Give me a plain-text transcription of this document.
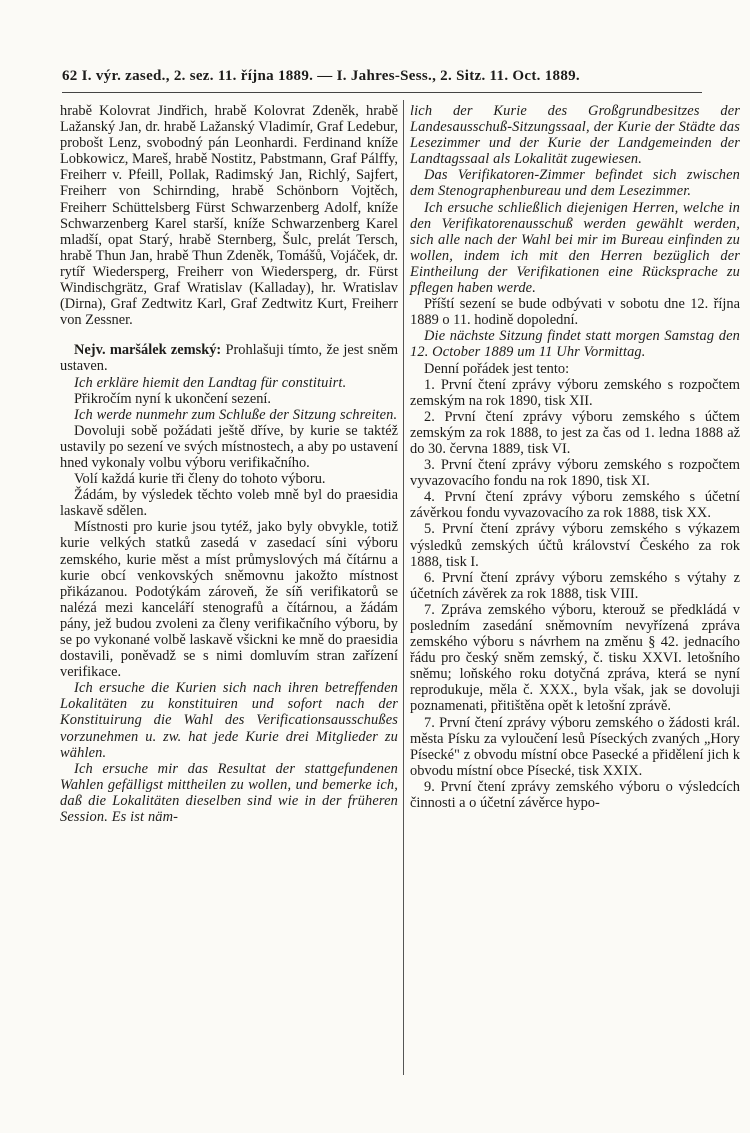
62 I. výr. zased., 2. sez. 11. října 1889. — I. Jahres-Sess., 2. Sitz. 11. Oct. 1889.

hrabě Kolovrat Jindřich, hrabě Kolovrat Zdeněk, hrabě Lažanský Jan, dr. hrabě Lažanský Vladimír, Graf Ledebur, probošt Lenz, svobodný pán Leonhardi. Ferdinand kníže Lobkowicz, Mareš, hrabě Nostitz, Pabstmann, Graf Pálffy, Freiherr v. Pfeill, Pollak, Radimský Jan, Richlý, Sajfert, Freiherr von Schirnding, hrabě Schönborn Vojtěch, Freiherr Schüttelsberg Fürst Schwarzenberg Adolf, kníže Schwarzenberg Karel starší, kníže Schwarzenberg Karel mladší, opat Starý, hrabě Sternberg, Šulc, prelát Tersch, hrabě Thun Jan, hrabě Thun Zdeněk, Tomášů, Vojáček, dr. rytíř Wiedersperg, Freiherr von Wiedersperg, dr. Fürst Windischgrätz, Graf Wratislav (Kalladay), hr. Wratislav (Dirna), Graf Zedtwitz Karl, Graf Zedtwitz Kurt, Freiherr von Zessner.

Nejv. maršálek zemský: Prohlašuji tímto, že jest sněm ustaven.

Ich erkläre hiemit den Landtag für constituirt.

Přikročím nyní k ukončení sezení.

Ich werde nunmehr zum Schluße der Sitzung schreiten.

Dovoluji sobě požádati ještě dříve, by kurie se taktéž ustavily po sezení ve svých místnostech, a aby po ustavení hned vykonaly volbu výboru verifikačního.

Volí každá kurie tři členy do tohoto výboru.

Žádám, by výsledek těchto voleb mně byl do praesidia laskavě sdělen.

Místnosti pro kurie jsou tytéž, jako byly obvykle, totiž kurie velkých statků zasedá v zasedací síni výboru zemského, kurie měst a míst průmyslových má čítárnu a kurie obcí venkovských sněmovnu jakožto místnost přikázanou. Podotýkám zároveň, že síň verifikatorů se nalézá mezi kanceláří stenografů a čítárnou, a žádám pány, jež budou zvoleni za členy verifikačního výboru, by se po vykonané volbě laskavě všickni ke mně do praesidia dostavili, poněvadž se s nimi domluvím stran zařízení verifikace.

Ich ersuche die Kurien sich nach ihren betreffenden Lokalitäten zu konstituiren und sofort nach der Konstituirung die Wahl des Verificationsausschußes vorzunehmen u. zw. hat jede Kurie drei Mitglieder zu wählen.

Ich ersuche mir das Resultat der stattgefundenen Wahlen gefälligst mittheilen zu wollen, und bemerke ich, daß die Lokalitäten dieselben sind wie in der früheren Session. Es ist näm-

lich der Kurie des Großgrundbesitzes der Landesausschuß-Sitzungssaal, der Kurie der Städte das Lesezimmer und der Kurie der Landgemeinden der Landtagssaal als Lokalität zugewiesen.

Das Verifikatoren-Zimmer befindet sich zwischen dem Stenographenbureau und dem Lesezimmer.

Ich ersuche schließlich diejenigen Herren, welche in den Verifikatorenausschuß werden gewählt werden, sich alle nach der Wahl bei mir im Bureau einfinden zu wollen, indem ich mit den Herren bezüglich der Eintheilung der Verifikationen eine Rücksprache zu pflegen haben werde.

Příští sezení se bude odbývati v sobotu dne 12. října 1889 o 11. hodině dopolední.

Die nächste Sitzung findet statt morgen Samstag den 12. October 1889 um 11 Uhr Vormittag.

Denní pořádek jest tento:

1. První čtení zprávy výboru zemského s rozpočtem zemským na rok 1890, tisk XII.

2. První čtení zprávy výboru zemského s účtem zemským za rok 1888, to jest za čas od 1. ledna 1888 až do 30. června 1889, tisk VI.

3. První čtení zprávy výboru zemského s rozpočtem vyvazovacího fondu na rok 1890, tisk XI.

4. První čtení zprávy výboru zemského s účetní závěrkou fondu vyvazovacího za rok 1888, tisk XX.

5. První čtení zprávy výboru zemského s výkazem výsledků zemských účtů království Českého za rok 1888, tisk I.

6. První čtení zprávy výboru zemského s výtahy z účetních závěrek za rok 1888, tisk VIII.

7. Zpráva zemského výboru, kterouž se předkládá v posledním zasedání sněmovním nevyřízená zpráva zemského výboru s návrhem na změnu § 42. jednacího řádu pro český sněm zemský, č. tisku XXVI. letošního sněmu; loňského roku dotyčná zpráva, která se nyní reprodukuje, měla č. XXX., byla však, jak se dovoluji poznamenati, přitištěna opět k letošní zprávě.

7. První čtení zprávy výboru zemského o žádosti král. města Písku za vyloučení lesů Píseckých zvaných „Hory Písecké" z obvodu místní obce Pasecké a přidělení jich k obvodu místní obce Písecké, tisk XXIX.

9. První čtení zprávy zemského výboru o výsledcích činnosti a o účetní závěrce hypo-
